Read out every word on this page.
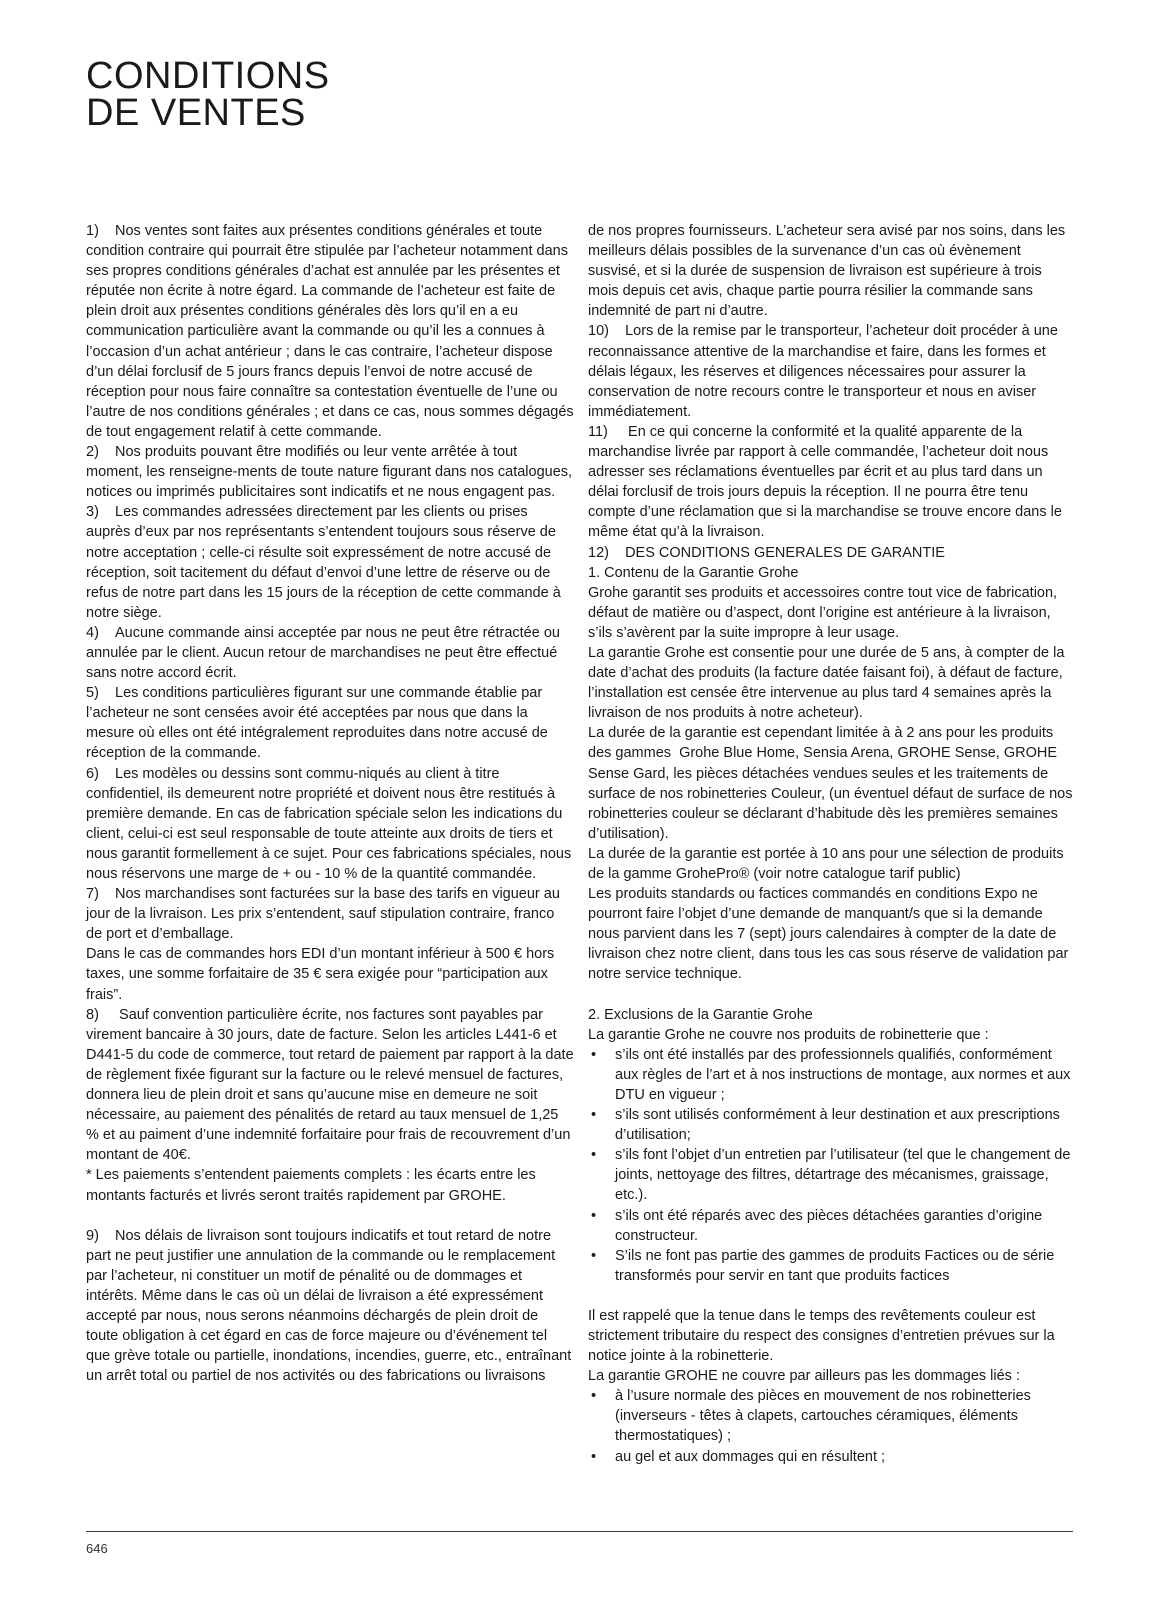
CONDITIONS
DE VENTES

1)    Nos ventes sont faites aux présentes conditions générales et toute condition contraire qui pourrait être stipulée par l’acheteur notamment dans ses propres conditions générales d’achat est annulée par les présentes et réputée non écrite à notre égard. La commande de l’acheteur est faite de plein droit aux présentes conditions générales dès lors qu’il en a eu communication particulière avant la commande ou qu’il les a connues à l’occasion d’un achat antérieur ; dans le cas contraire, l’acheteur dispose d’un délai forclusif de 5 jours francs depuis l’envoi de notre accusé de réception pour nous faire connaître sa contestation éventuelle de l’une ou l’autre de nos conditions générales ; et dans ce cas, nous sommes dégagés de tout engagement relatif à cette commande.

2)    Nos produits pouvant être modifiés ou leur vente arrêtée à tout moment, les renseigne-ments de toute nature figurant dans nos catalogues, notices ou imprimés publicitaires sont indicatifs et ne nous engagent pas.

3)    Les commandes adressées directement par les clients ou prises auprès d’eux par nos représentants s’entendent toujours sous réserve de notre acceptation ; celle-ci résulte soit expressément de notre accusé de réception, soit tacitement du défaut d’envoi d’une lettre de réserve ou de refus de notre part dans les 15 jours de la réception de cette commande à notre siège.

4)    Aucune commande ainsi acceptée par nous ne peut être rétractée ou annulée par le client. Aucun retour de marchandises ne peut être effectué sans notre accord écrit.

5)    Les conditions particulières figurant sur une commande établie par l’acheteur ne sont censées avoir été acceptées par nous que dans la mesure où elles ont été intégralement reproduites dans notre accusé de réception de la commande.

6)    Les modèles ou dessins sont commu-niqués au client à titre confidentiel, ils demeurent notre propriété et doivent nous être restitués à première demande. En cas de fabrication spéciale selon les indications du client, celui-ci est seul responsable de toute atteinte aux droits de tiers et nous garantit formellement à ce sujet. Pour ces fabrications spéciales, nous nous réservons une marge de + ou - 10 % de la quantité commandée.

7)    Nos marchandises sont facturées sur la base des tarifs en vigueur au jour de la livraison. Les prix s’entendent, sauf stipulation contraire, franco de port et d’emballage.

Dans le cas de commandes hors EDI d’un montant inférieur à 500 € hors taxes, une somme forfaitaire de 35 € sera exigée pour “participation aux frais”.

8)     Sauf convention particulière écrite, nos factures sont payables par virement bancaire à 30 jours, date de facture. Selon les articles L441-6 et D441-5 du code de commerce, tout retard de paiement par rapport à la date de règlement fixée figurant sur la facture ou le relevé mensuel de factures, donnera lieu de plein droit et sans qu’aucune mise en demeure ne soit nécessaire, au paiement des pénalités de retard au taux mensuel de 1,25 % et au paiment d’une indemnité forfaitaire pour frais de recouvrement d’un montant de 40€.

* Les paiements s’entendent paiements complets : les écarts entre les montants facturés et livrés seront traités rapidement par GROHE.

9)    Nos délais de livraison sont toujours indicatifs et tout retard de notre part ne peut justifier une annulation de la commande ou le remplacement par l’acheteur, ni constituer un motif de pénalité ou de dommages et intérêts. Même dans le cas où un délai de livraison a été expressément accepté par nous, nous serons néanmoins déchargés de plein droit de toute obligation à cet égard en cas de force majeure ou d’événement tel que grève totale ou partielle, inondations, incendies, guerre, etc., entraînant un arrêt total ou partiel de nos activités ou des fabrications ou livraisons

de nos propres fournisseurs. L’acheteur sera avisé par nos soins, dans les meilleurs délais possibles de la survenance d’un cas où évènement susvisé, et si la durée de suspension de livraison est supérieure à trois mois depuis cet avis, chaque partie pourra résilier la commande sans indemnité de part ni d’autre.

10)    Lors de la remise par le transporteur, l’acheteur doit procéder à une reconnaissance attentive de la marchandise et faire, dans les formes et délais légaux, les réserves et diligences nécessaires pour assurer la conservation de notre recours contre le transporteur et nous en aviser immédiatement.

11)     En ce qui concerne la conformité et la qualité apparente de la marchandise livrée par rapport à celle commandée, l’acheteur doit nous adresser ses réclamations éventuelles par écrit et au plus tard dans un délai forclusif de trois jours depuis la réception. Il ne pourra être tenu compte d’une réclamation que si la marchandise se trouve encore dans le même état qu’à la livraison.

12)    DES CONDITIONS GENERALES DE GARANTIE

1. Contenu de la Garantie Grohe

Grohe garantit ses produits et accessoires contre tout vice de fabrication, défaut de matière ou d’aspect, dont l’origine est antérieure à la livraison, s’ils s’avèrent par la suite impropre à leur usage.

La garantie Grohe est consentie pour une durée de 5 ans, à compter de la date d’achat des produits (la facture datée faisant foi), à défaut de facture, l’installation est censée être intervenue au plus tard 4 semaines après la livraison de nos produits à notre acheteur).

La durée de la garantie est cependant limitée à à 2 ans pour les produits des gammes  Grohe Blue Home, Sensia Arena, GROHE Sense, GROHE Sense Gard, les pièces détachées vendues seules et les traitements de surface de nos robinetteries Couleur, (un éventuel défaut de surface de nos robinetteries couleur se déclarant d’habitude dès les premières semaines d’utilisation).

La durée de la garantie est portée à 10 ans pour une sélection de produits de la gamme GrohePro® (voir notre catalogue tarif public)

Les produits standards ou factices commandés en conditions Expo ne pourront faire l’objet d’une demande de manquant/s que si la demande nous parvient dans les 7 (sept) jours calendaires à compter de la date de livraison chez notre client, dans tous les cas sous réserve de validation par notre service technique.

2. Exclusions de la Garantie Grohe

La garantie Grohe ne couvre nos produits de robinetterie que :

• s’ils ont été installés par des professionnels qualifiés, conformément aux règles de l’art et à nos instructions de montage, aux normes et aux DTU en vigueur ;
• s’ils sont utilisés conformément à leur destination et aux prescriptions d’utilisation;
• s’ils font l’objet d’un entretien par l’utilisateur (tel que le changement de joints, nettoyage des filtres, détartrage des mécanismes, graissage, etc.).
• s’ils ont été réparés avec des pièces détachées garanties d’origine constructeur.
• S’ils ne font pas partie des gammes de produits Factices ou de série transformés pour servir en tant que produits factices

Il est rappelé que la tenue dans le temps des revêtements couleur est strictement tributaire du respect des consignes d’entretien prévues sur la notice jointe à la robinetterie.

La garantie GROHE ne couvre par ailleurs pas les dommages liés :

• à l’usure normale des pièces en mouvement de nos robinetteries (inverseurs - têtes à clapets, cartouches céramiques, éléments thermostatiques) ;
• au gel et aux dommages qui en résultent ;
646
